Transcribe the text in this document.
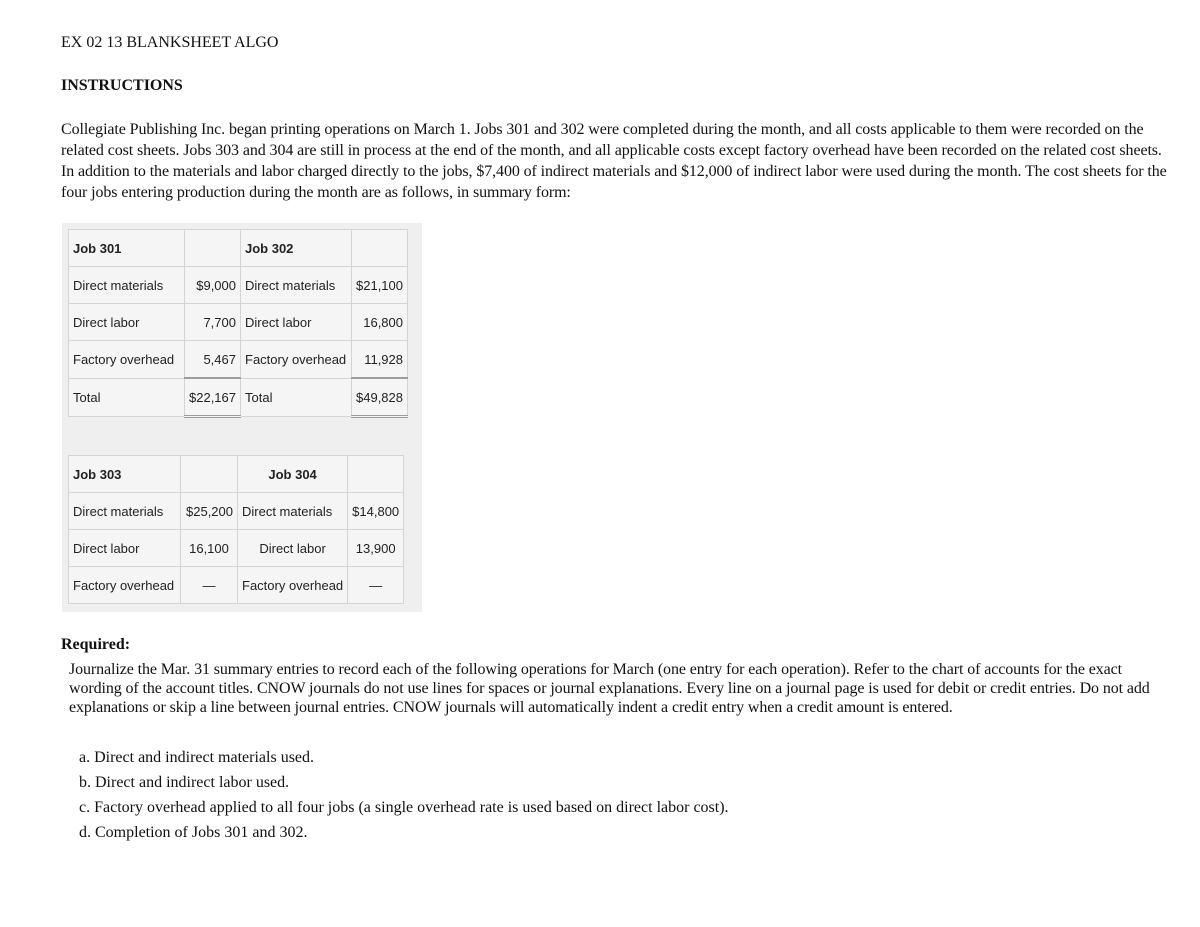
EX 02 13 BLANKSHEET ALGO
INSTRUCTIONS
Collegiate Publishing Inc. began printing operations on March 1. Jobs 301 and 302 were completed during the month, and all costs applicable to them were recorded on the related cost sheets. Jobs 303 and 304 are still in process at the end of the month, and all applicable costs except factory overhead have been recorded on the related cost sheets. In addition to the materials and labor charged directly to the jobs, $7,400 of indirect materials and $12,000 of indirect labor were used during the month. The cost sheets for the four jobs entering production during the month are as follows, in summary form:
Job 301		Job 302	
Direct materials	$9,000	Direct materials	$21,100
Direct labor	7,700	Direct labor	16,800
Factory overhead	5,467	Factory overhead	11,928
Total	$22,167	Total	$49,828
Job 303		Job 304	
Direct materials	$25,200	Direct materials	$14,800
Direct labor	16,100	Direct labor	13,900
Factory overhead	—	Factory overhead	—
Required:
Journalize the Mar. 31 summary entries to record each of the following operations for March (one entry for each operation). Refer to the chart of accounts for the exact wording of the account titles. CNOW journals do not use lines for spaces or journal explanations. Every line on a journal page is used for debit or credit entries. Do not add explanations or skip a line between journal entries. CNOW journals will automatically indent a credit entry when a credit amount is entered.
a. Direct and indirect materials used.
b. Direct and indirect labor used.
c. Factory overhead applied to all four jobs (a single overhead rate is used based on direct labor cost).
d. Completion of Jobs 301 and 302.
